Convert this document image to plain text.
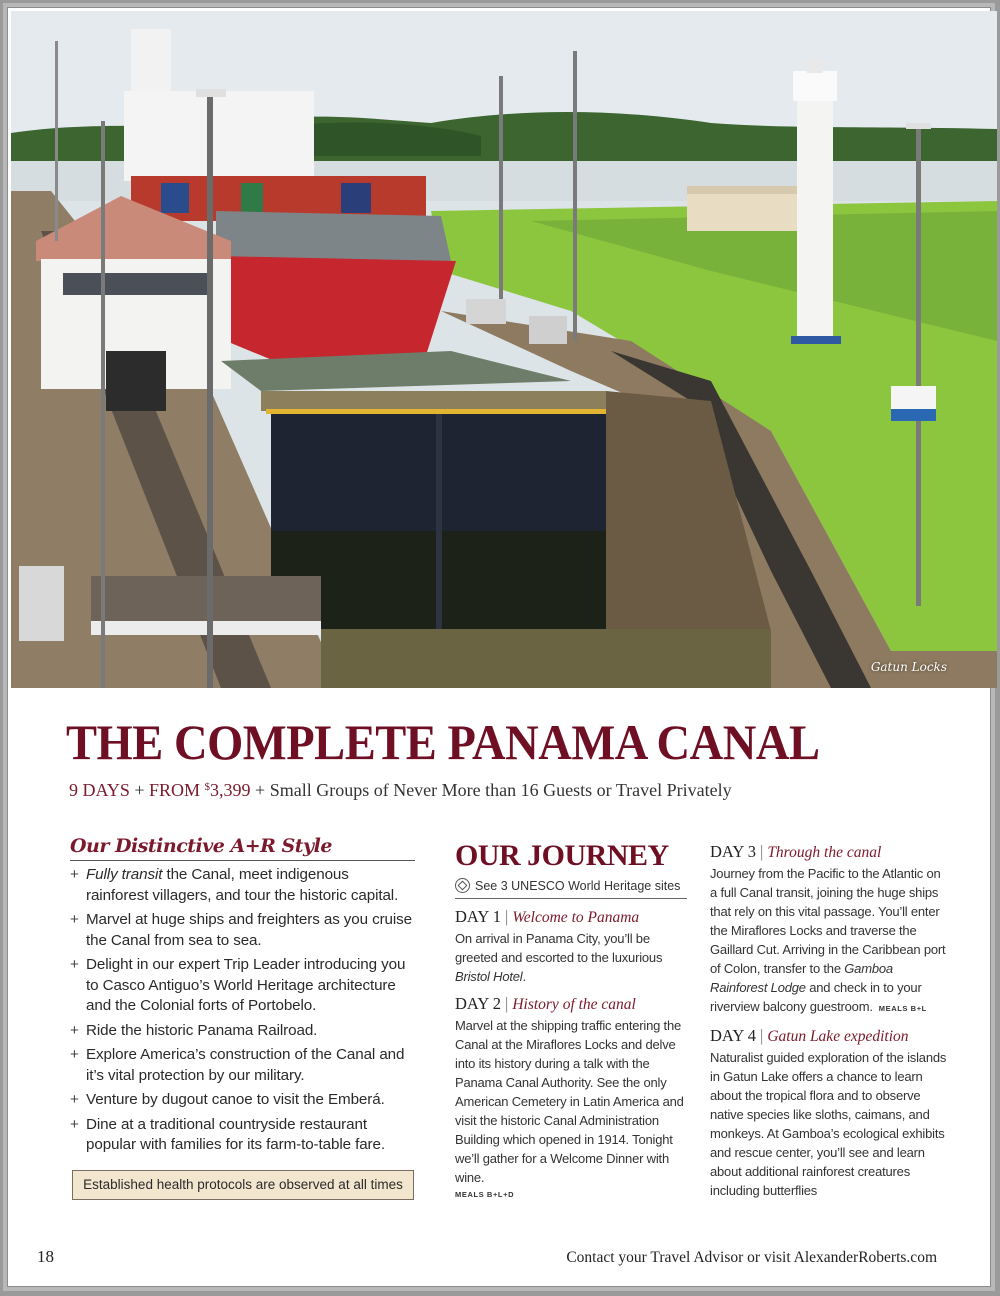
Gatun Locks
THE COMPLETE PANAMA CANAL
9 DAYS + FROM $3,399 + Small Groups of Never More than 16 Guests or Travel Privately
Our Distinctive A+R Style
+ Fully transit the Canal, meet indigenous rainforest villagers, and tour the historic capital.
+ Marvel at huge ships and freighters as you cruise the Canal from sea to sea.
+ Delight in our expert Trip Leader introducing you to Casco Antiguo’s World Heritage architecture and the Colonial forts of Portobelo.
+ Ride the historic Panama Railroad.
+ Explore America’s construction of the Canal and it’s vital protection by our military.
+ Venture by dugout canoe to visit the Emberá.
+ Dine at a traditional countryside restaurant popular with families for its farm-to-table fare.
Established health protocols are observed at all times
OUR JOURNEY
See 3 UNESCO World Heritage sites
DAY 1 | Welcome to Panama

On arrival in Panama City, you’ll be greeted and escorted to the luxurious Bristol Hotel.

DAY 2 | History of the canal

Marvel at the shipping traffic entering the Canal at the Miraflores Locks and delve into its history during a talk with the Panama Canal Authority. See the only American Cemetery in Latin America and visit the historic Canal Administration Building which opened in 1914. Tonight we’ll gather for a Welcome Dinner with wine.

MEALS B+L+D
DAY 3 | Through the canal

Journey from the Pacific to the Atlantic on a full Canal transit, joining the huge ships that rely on this vital passage. You’ll enter the Miraflores Locks and traverse the Gaillard Cut. Arriving in the Caribbean port of Colon, transfer to the Gamboa Rainforest Lodge and check in to your riverview balcony guestroom. MEALS B+L

DAY 4 | Gatun Lake expedition

Naturalist guided exploration of the islands in Gatun Lake offers a chance to learn about the tropical flora and to observe native species like sloths, caimans, and monkeys. At Gamboa’s ecological exhibits and rescue center, you’ll see and learn about additional rainforest creatures including butterflies

18	Contact your Travel Advisor or visit AlexanderRoberts.com
